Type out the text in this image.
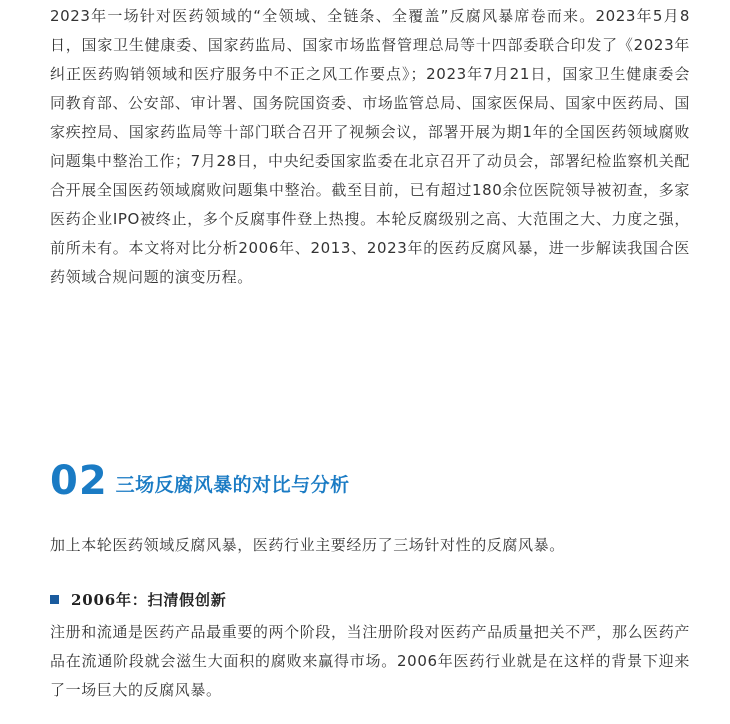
2023年一场针对医药领域的“全领域、全链条、全覆盖”反腐风暴席卷而来。2023年5月8日，国家卫生健康委、国家药监局、国家市场监督管理总局等十四部委联合印发了《2023年纠正医药购销领域和医疗服务中不正之风工作要点》；2023年7月21日，国家卫生健康委会同教育部、公安部、审计署、国务院国资委、市场监管总局、国家医保局、国家中医药局、国家疾控局、国家药监局等十部门联合召开了视频会议，部署开展为期1年的全国医药领域腐败问题集中整治工作；7月28日，中央纪委国家监委在北京召开了动员会，部署纪检监察机关配合开展全国医药领域腐败问题集中整治。截至目前，已有超过180余位医院领导被初查，多家医药企业IPO被终止，多个反腐事件登上热搜。本轮反腐级别之高、大范围之大、力度之强，前所未有。本文将对比分析2006年、2013、2023年的医药反腐风暴，进一步解读我国合医药领域合规问题的演变历程。

02 三场反腐风暴的对比与分析

加上本轮医药领域反腐风暴，医药行业主要经历了三场针对性的反腐风暴。

2006年：扫清假创新

注册和流通是医药产品最重要的两个阶段，当注册阶段对医药产品质量把关不严，那么医药产品在流通阶段就会滋生大面积的腐败来赢得市场。2006年医药行业就是在这样的背景下迎来了一场巨大的反腐风暴。
